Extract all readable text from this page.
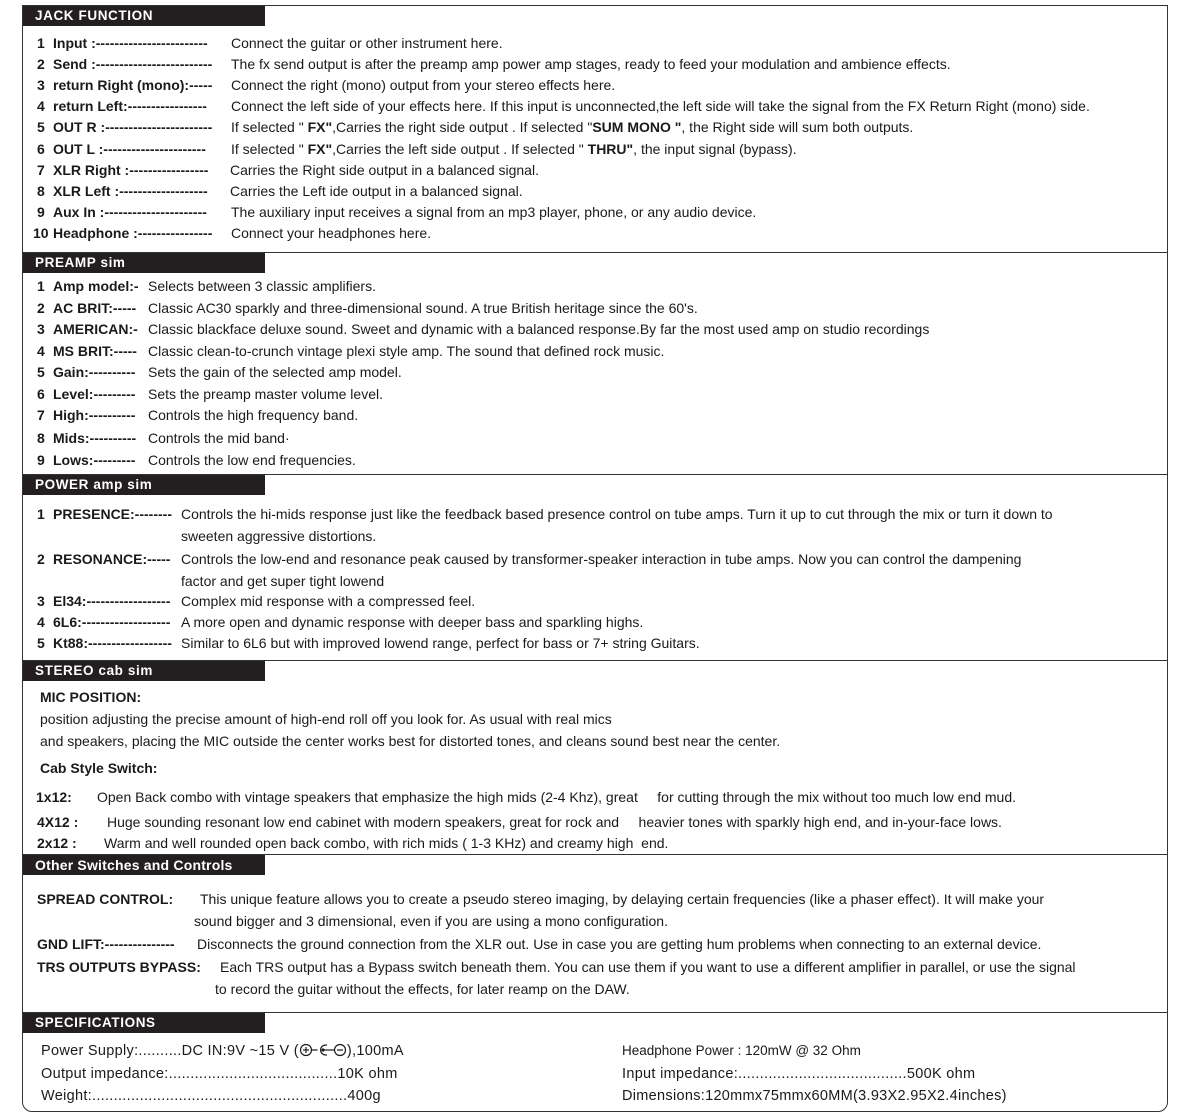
JACK FUNCTION
1 Input :------------------------ Connect the guitar or other instrument here.
2 Send :------------------------- The fx send output is after the preamp amp power amp stages, ready to feed your modulation and ambience effects.
3 return Right (mono):----- Connect the right (mono) output from your stereo effects here.
4 return Left:----------------- Connect the left side of your effects here. If this input is unconnected,the left side will take the signal from the FX Return Right (mono) side.
5 OUT R :----------------------- If selected " FX",Carries the right side output . If selected "SUM MONO ", the Right side will sum both outputs.
6 OUT L :---------------------- If selected " FX",Carries the left side output . If selected " THRU", the input signal (bypass).
7 XLR Right :----------------- Carries the Right side output in a balanced signal.
8 XLR Left :------------------- Carries the Left ide output in a balanced signal.
9 Aux In :---------------------- The auxiliary input receives a signal from an mp3 player, phone, or any audio device.
10 Headphone :---------------- Connect your headphones here.
PREAMP sim
1 Amp model:- Selects between 3 classic amplifiers.
2 AC BRIT:----- Classic AC30 sparkly and three-dimensional sound. A true British heritage since the 60's.
3 AMERICAN:- Classic blackface deluxe sound. Sweet and dynamic with a balanced response.By far the most used amp on studio recordings
4 MS BRIT:----- Classic clean-to-crunch vintage plexi style amp. The sound that defined rock music.
5 Gain:---------- Sets the gain of the selected amp model.
6 Level:--------- Sets the preamp master volume level.
7 High:---------- Controls the high frequency band.
8 Mids:---------- Controls the mid band·
9 Lows:--------- Controls the low end frequencies.
POWER amp sim
1 PRESENCE:-------- Controls the hi-mids response just like the feedback based presence control on tube amps. Turn it up to cut through the mix or turn it down to
sweeten aggressive distortions.
2 RESONANCE:----- Controls the low-end and resonance peak caused by transformer-speaker interaction in tube amps. Now you can control the dampening
factor and get super tight lowend
3 El34:------------------ Complex mid response with a compressed feel.
4 6L6:------------------- A more open and dynamic response with deeper bass and sparkling highs.
5 Kt88:------------------ Similar to 6L6 but with improved lowend range, perfect for bass or 7+ string Guitars.
STEREO cab sim
MIC POSITION:
position adjusting the precise amount of high-end roll off you look for. As usual with real mics
and speakers, placing the MIC outside the center works best for distorted tones, and cleans sound best near the center.
Cab Style Switch:
1x12: Open Back combo with vintage speakers that emphasize the high mids (2-4 Khz), great     for cutting through the mix without too much low end mud.
4X12 : Huge sounding resonant low end cabinet with modern speakers, great for rock and     heavier tones with sparkly high end, and in-your-face lows.
2x12 : Warm and well rounded open back combo, with rich mids ( 1-3 KHz) and creamy high  end.
Other Switches and Controls
SPREAD CONTROL: This unique feature allows you to create a pseudo stereo imaging, by delaying certain frequencies (like a phaser effect). It will make your
sound bigger and 3 dimensional, even if you are using a mono configuration.
GND LIFT:--------------- Disconnects the ground connection from the XLR out. Use in case you are getting hum problems when connecting to an external device.
TRS OUTPUTS BYPASS: Each TRS output has a Bypass switch beneath them. You can use them if you want to use a different amplifier in parallel, or use the signal
to record the guitar without the effects, for later reamp on the DAW.
SPECIFICATIONS
Power Supply:..........DC IN:9V ~15 V (	),100mA
Output impedance:.......................................10K ohm
Weight:...........................................................400g
Headphone Power : 120mW @ 32 Ohm
Input impedance:.......................................500K ohm
Dimensions:120mmx75mmx60MM(3.93X2.95X2.4inches)
